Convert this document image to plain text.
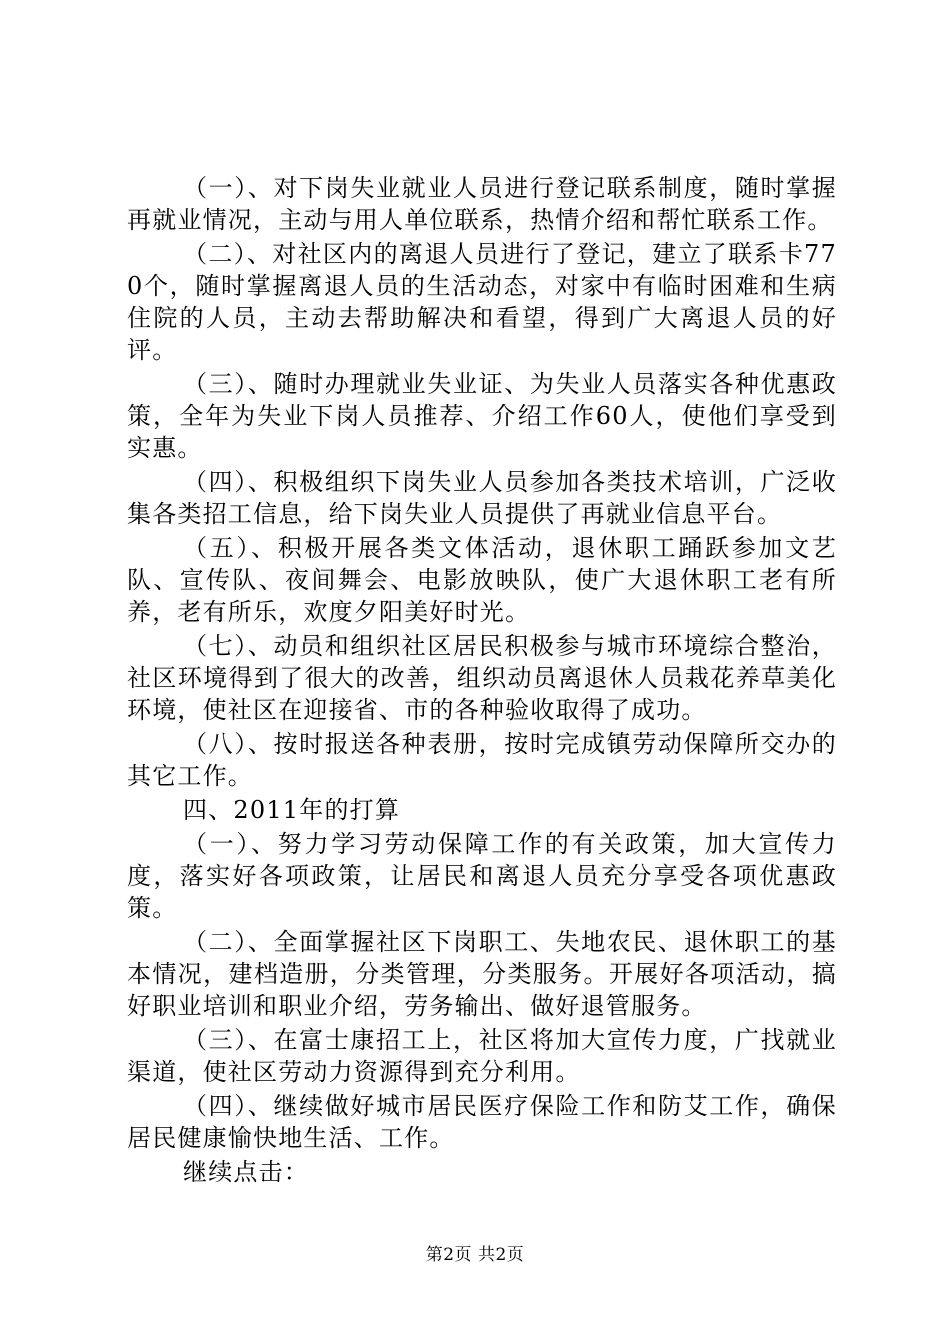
（一）、对下岗失业就业人员进行登记联系制度，随时掌握再就业情况，主动与用人单位联系，热情介绍和帮忙联系工作。

（二）、对社区内的离退人员进行了登记，建立了联系卡770个，随时掌握离退人员的生活动态，对家中有临时困难和生病住院的人员，主动去帮助解决和看望，得到广大离退人员的好评。

（三）、随时办理就业失业证、为失业人员落实各种优惠政策，全年为失业下岗人员推荐、介绍工作60人，使他们享受到实惠。

（四）、积极组织下岗失业人员参加各类技术培训，广泛收集各类招工信息，给下岗失业人员提供了再就业信息平台。

（五）、积极开展各类文体活动，退休职工踊跃参加文艺队、宣传队、夜间舞会、电影放映队，使广大退休职工老有所养，老有所乐，欢度夕阳美好时光。

（七）、动员和组织社区居民积极参与城市环境综合整治，社区环境得到了很大的改善，组织动员离退休人员栽花养草美化环境，使社区在迎接省、市的各种验收取得了成功。

（八）、按时报送各种表册，按时完成镇劳动保障所交办的其它工作。

四、2011年的打算

（一）、努力学习劳动保障工作的有关政策，加大宣传力度，落实好各项政策，让居民和离退人员充分享受各项优惠政策。

（二）、全面掌握社区下岗职工、失地农民、退休职工的基本情况，建档造册，分类管理，分类服务。开展好各项活动，搞好职业培训和职业介绍，劳务输出、做好退管服务。

（三）、在富士康招工上，社区将加大宣传力度，广找就业渠道，使社区劳动力资源得到充分利用。

（四）、继续做好城市居民医疗保险工作和防艾工作，确保居民健康愉快地生活、工作。

继续点击：

第2页 共2页
